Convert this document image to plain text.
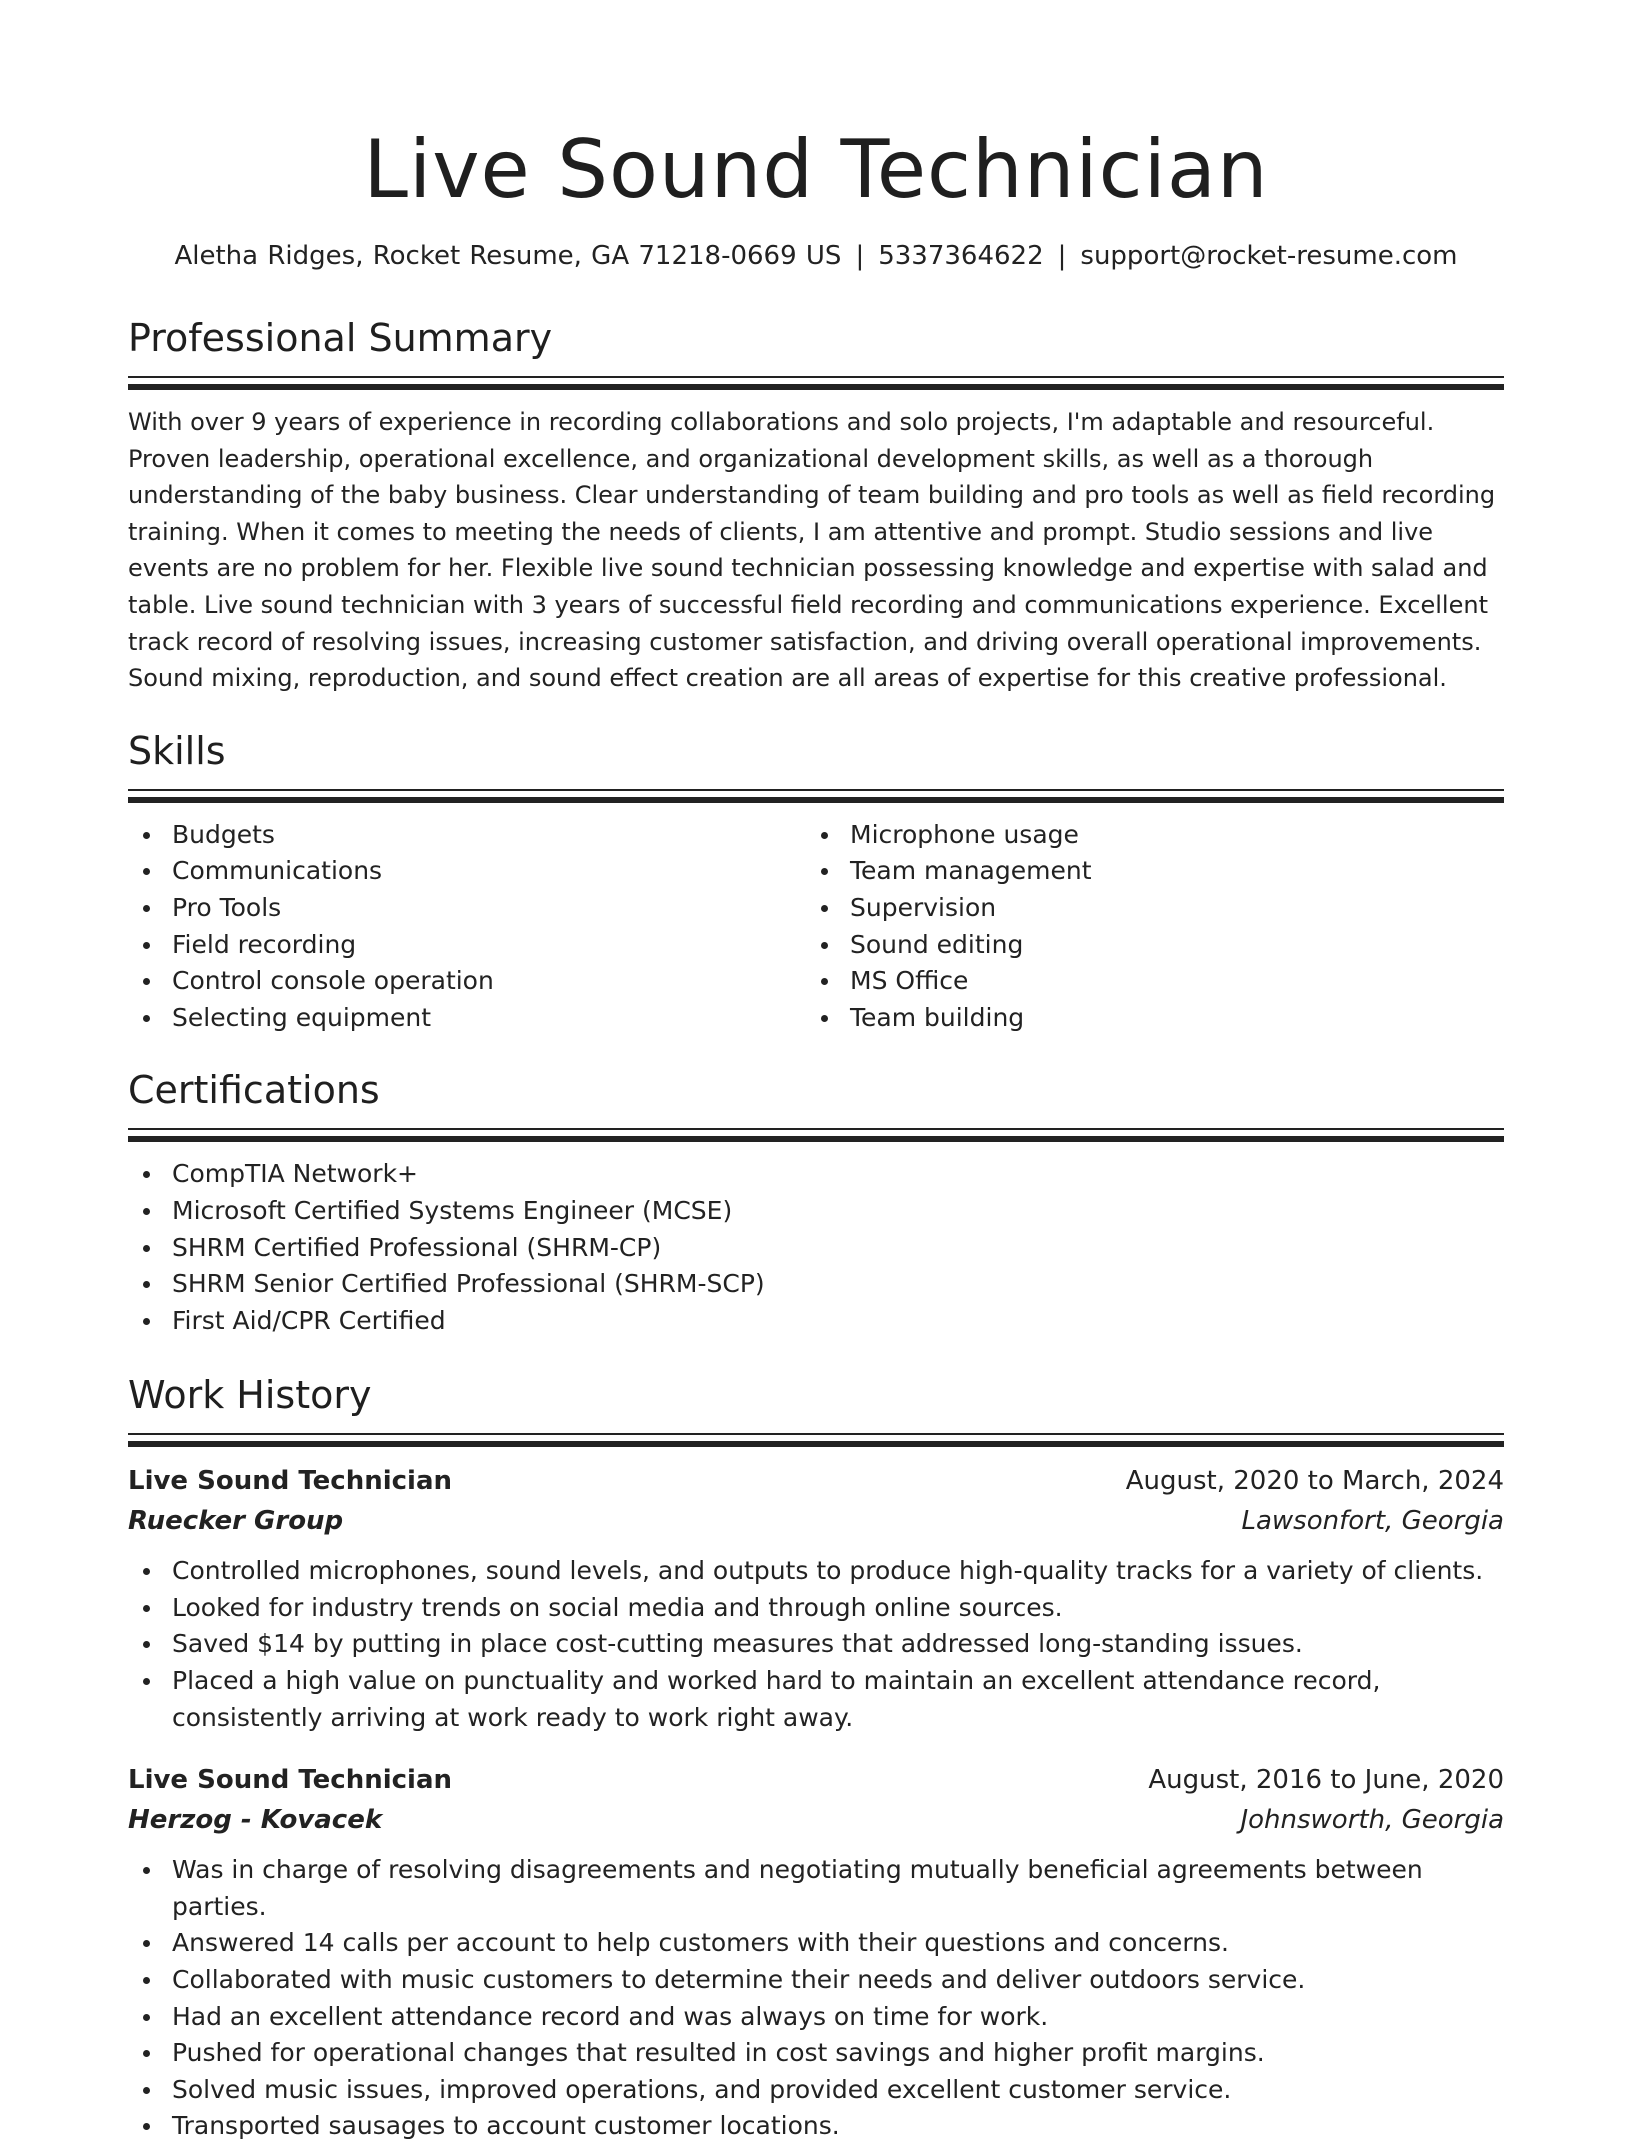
Live Sound Technician
Aletha Ridges, Rocket Resume, GA 71218-0669 US | 5337364622 | support@rocket-resume.com
Professional Summary

With over 9 years of experience in recording collaborations and solo projects, I'm adaptable and resourceful. Proven leadership, operational excellence, and organizational development skills, as well as a thorough understanding of the baby business. Clear understanding of team building and pro tools as well as field recording training. When it comes to meeting the needs of clients, I am attentive and prompt. Studio sessions and live events are no problem for her. Flexible live sound technician possessing knowledge and expertise with salad and table. Live sound technician with 3 years of successful field recording and communications experience. Excellent track record of resolving issues, increasing customer satisfaction, and driving overall operational improvements. Sound mixing, reproduction, and sound effect creation are all areas of expertise for this creative professional.

Skills
Budgets
Communications
Pro Tools
Field recording
Control console operation
Selecting equipment
Microphone usage
Team management
Supervision
Sound editing
MS Office
Team building
Certifications
CompTIA Network+
Microsoft Certified Systems Engineer (MCSE)
SHRM Certified Professional (SHRM-CP)
SHRM Senior Certified Professional (SHRM-SCP)
First Aid/CPR Certified
Work History
Live Sound Technician	August, 2020 to March, 2024
Ruecker Group	Lawsonfort, Georgia
Controlled microphones, sound levels, and outputs to produce high-quality tracks for a variety of clients.
Looked for industry trends on social media and through online sources.
Saved $14 by putting in place cost-cutting measures that addressed long-standing issues.
Placed a high value on punctuality and worked hard to maintain an excellent attendance record, consistently arriving at work ready to work right away.
Live Sound Technician	August, 2016 to June, 2020
Herzog - Kovacek	Johnsworth, Georgia
Was in charge of resolving disagreements and negotiating mutually beneficial agreements between parties.
Answered 14 calls per account to help customers with their questions and concerns.
Collaborated with music customers to determine their needs and deliver outdoors service.
Had an excellent attendance record and was always on time for work.
Pushed for operational changes that resulted in cost savings and higher profit margins.
Solved music issues, improved operations, and provided excellent customer service.
Transported sausages to account customer locations.
